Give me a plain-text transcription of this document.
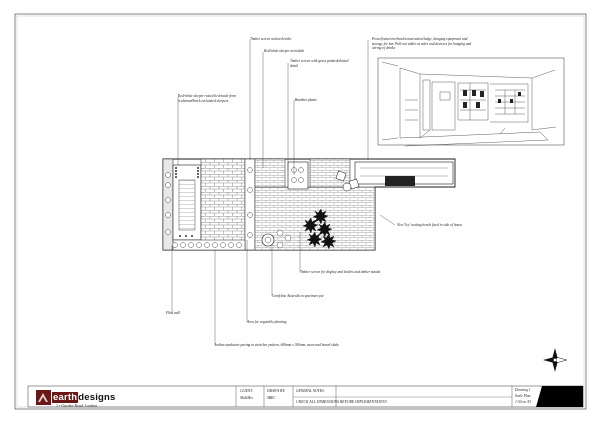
earthdesigns
1 • Garden Road, London
CLIENT:
Mr&Mrs
DRAWN BY:
SBEC
GENERAL NOTES:
CHECK ALL DIMENSIONS BEFORE IMPLEMENTATION
Drawing 1
Scale Plan
1:50 on A3
Timber screen and arch/arbr
Red/white sleeper area/slab
Timber screen with grass painted/slatted detail
Bamboo plants
Red/white sleeper raised bed made from reclaimed/brick reclaimed sleepers
Prose/frame/overhead/construction/ledge, hanging equipment and storage for bar. Pull-out tables at sides and drawers for hanging and wiring of drinks
New 'Ivy' seating bench fixed to side of house
Timber screen for display and bottles and timber stands
Cordyline Australis in specimen pot
Flint wall
Area for vegetable planting
Indian sandstone paving in stretcher pattern, 600mm x 300mm, sawn and honed slabs
